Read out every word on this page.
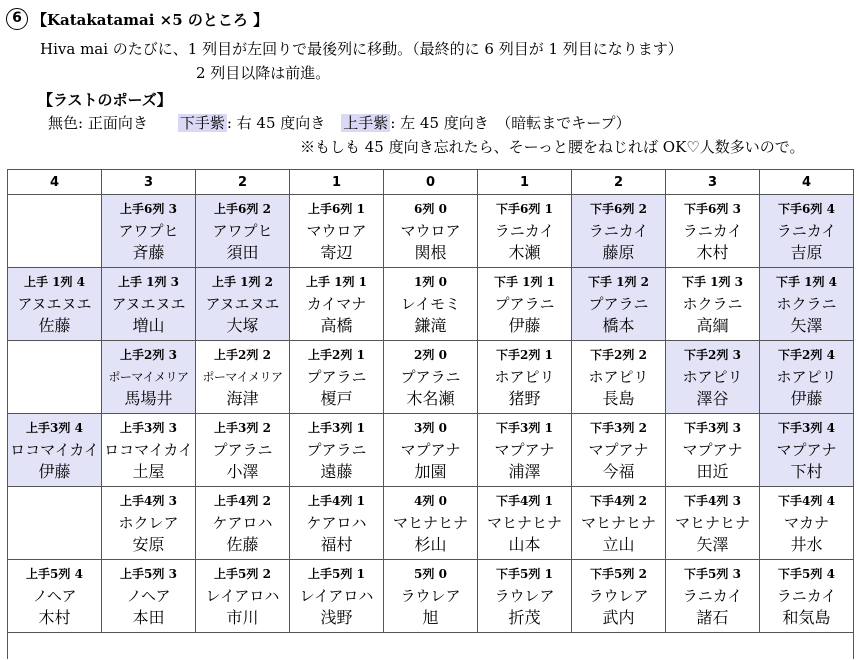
6 【Katakatamai ×5 のところ 】
Hiva mai のたびに、1 列目が左回りで最後列に移動。（最終的に 6 列目が 1 列目になります）
2 列目以降は前進。
【ラストのポーズ】
無色: 正面向き 下手紫 : 右 45 度向き 上手紫 : 左 45 度向き　（暗転までキープ）
※もしも 45 度向き忘れたら、そーっと腰をねじれば OK♡人数多いので。
4	3	2	1	0	1	2	3	4

	上手6列 3
アワプヒ
斉藤	上手6列 2
アワプヒ
須田	上手6列 1
マウロア
寄辺	6列 0
マウロア
関根	下手6列 1
ラニカイ
木瀬	下手6列 2
ラニカイ
藤原	下手6列 3
ラニカイ
木村	下手6列 4
ラニカイ
吉原

上手 1列 4
アヌエヌエ
佐藤	上手 1列 3
アヌエヌエ
増山	上手 1列 2
アヌエヌエ
大塚	上手 1列 1
カイマナ
高橋	1列 0
レイモミ
鎌滝	下手 1列 1
プアラニ
伊藤	下手 1列 2
プアラニ
橋本	下手 1列 3
ホクラニ
高綱	下手 1列 4
ホクラニ
矢澤

	上手2列 3
ポーマイメリア
馬場井	上手2列 2
ポーマイメリア
海津	上手2列 1
プアラニ
榎戸	2列 0
プアラニ
木名瀬	下手2列 1
ホアピリ
猪野	下手2列 2
ホアピリ
長島	下手2列 3
ホアピリ
澤谷	下手2列 4
ホアピリ
伊藤

上手3列 4
ロコマイカイ
伊藤	上手3列 3
ロコマイカイ
土屋	上手3列 2
プアラニ
小澤	上手3列 1
プアラニ
遠藤	3列 0
マプアナ
加園	下手3列 1
マプアナ
浦澤	下手3列 2
マプアナ
今福	下手3列 3
マプアナ
田近	下手3列 4
マプアナ
下村

	上手4列 3
ホクレア
安原	上手4列 2
ケアロハ
佐藤	上手4列 1
ケアロハ
福村	4列 0
マヒナヒナ
杉山	下手4列 1
マヒナヒナ
山本	下手4列 2
マヒナヒナ
立山	下手4列 3
マヒナヒナ
矢澤	下手4列 4
マカナ
井水

上手5列 4
ノヘア
木村	上手5列 3
ノヘア
本田	上手5列 2
レイアロハ
市川	上手5列 1
レイアロハ
浅野	5列 0
ラウレア
旭	下手5列 1
ラウレア
折茂	下手5列 2
ラウレア
武内	下手5列 3
ラニカイ
諸石	下手5列 4
ラニカイ
和気島
